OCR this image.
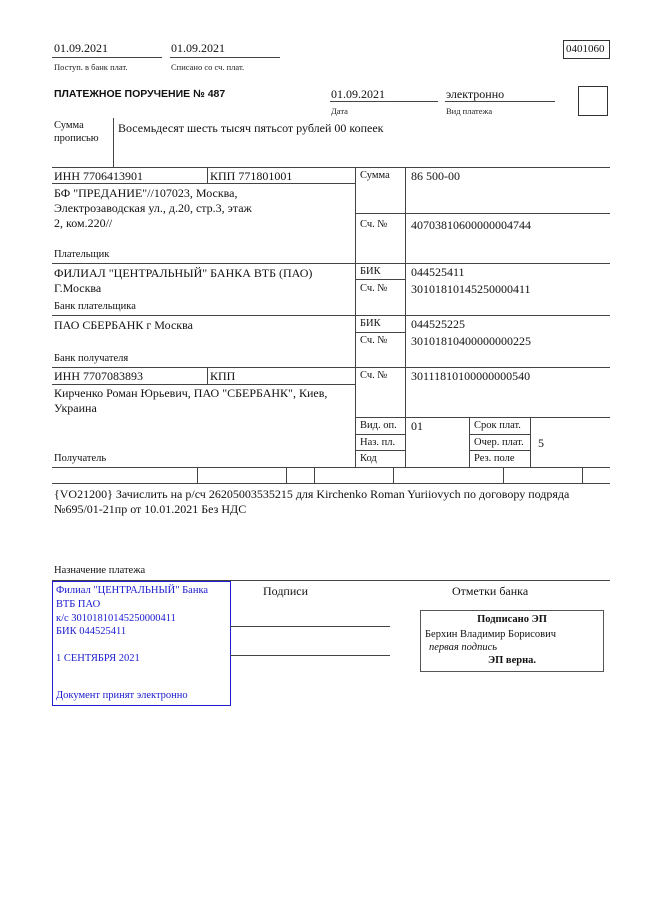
01.09.2021
Поступ. в банк плат.
01.09.2021
Списано со сч. плат.
0401060
ПЛАТЕЖНОЕ ПОРУЧЕНИЕ № 487	01.09.2021
Дата
электронно
Вид платежа
Сумма
прописью
Восемьдесят шесть тысяч пятьсот рублей 00 копеек
ИНН 7706413901	КПП 771801001
БФ "ПРЕДАНИЕ"//107023, Москва,
Электрозаводская ул., д.20, стр.3, этаж
2, ком.220//
Плательщик
Сумма 86 500-00
Сч. № 40703810600000004744
ФИЛИАЛ "ЦЕНТРАЛЬНЫЙ" БАНКА ВТБ (ПАО)
Г.Москва
Банк плательщика
БИК	044525411
Сч. № 30101810145250000411
ПАО СБЕРБАНК г Москва
Банк получателя
БИК	044525225
Сч. № 30101810400000000225
ИНН 7707083893	КПП
Кирченко Роман Юрьевич, ПАО "СБЕРБАНК", Киев,
Украина
Получатель
Сч. № 30111810100000000540
Вид. оп. 01
Наз. пл.
Код
Срок плат.
Очер. плат. 5
Рез. поле
{VO21200} Зачислить на р/сч 26205003535215 для Kirchenko Roman Yuriiovych по договору подряда
№695/01-21пр от 10.01.2021 Без НДС
Назначение платежа
Филиал "ЦЕНТРАЛЬНЫЙ" Банка
ВТБ ПАО
к/с 30101810145250000411
БИК 044525411
1 СЕНТЯБРЯ 2021
Документ принят электронно
Подписи	Отметки банка
Подписано ЭП
Берхин Владимир Борисович
первая подпись
ЭП верна.
